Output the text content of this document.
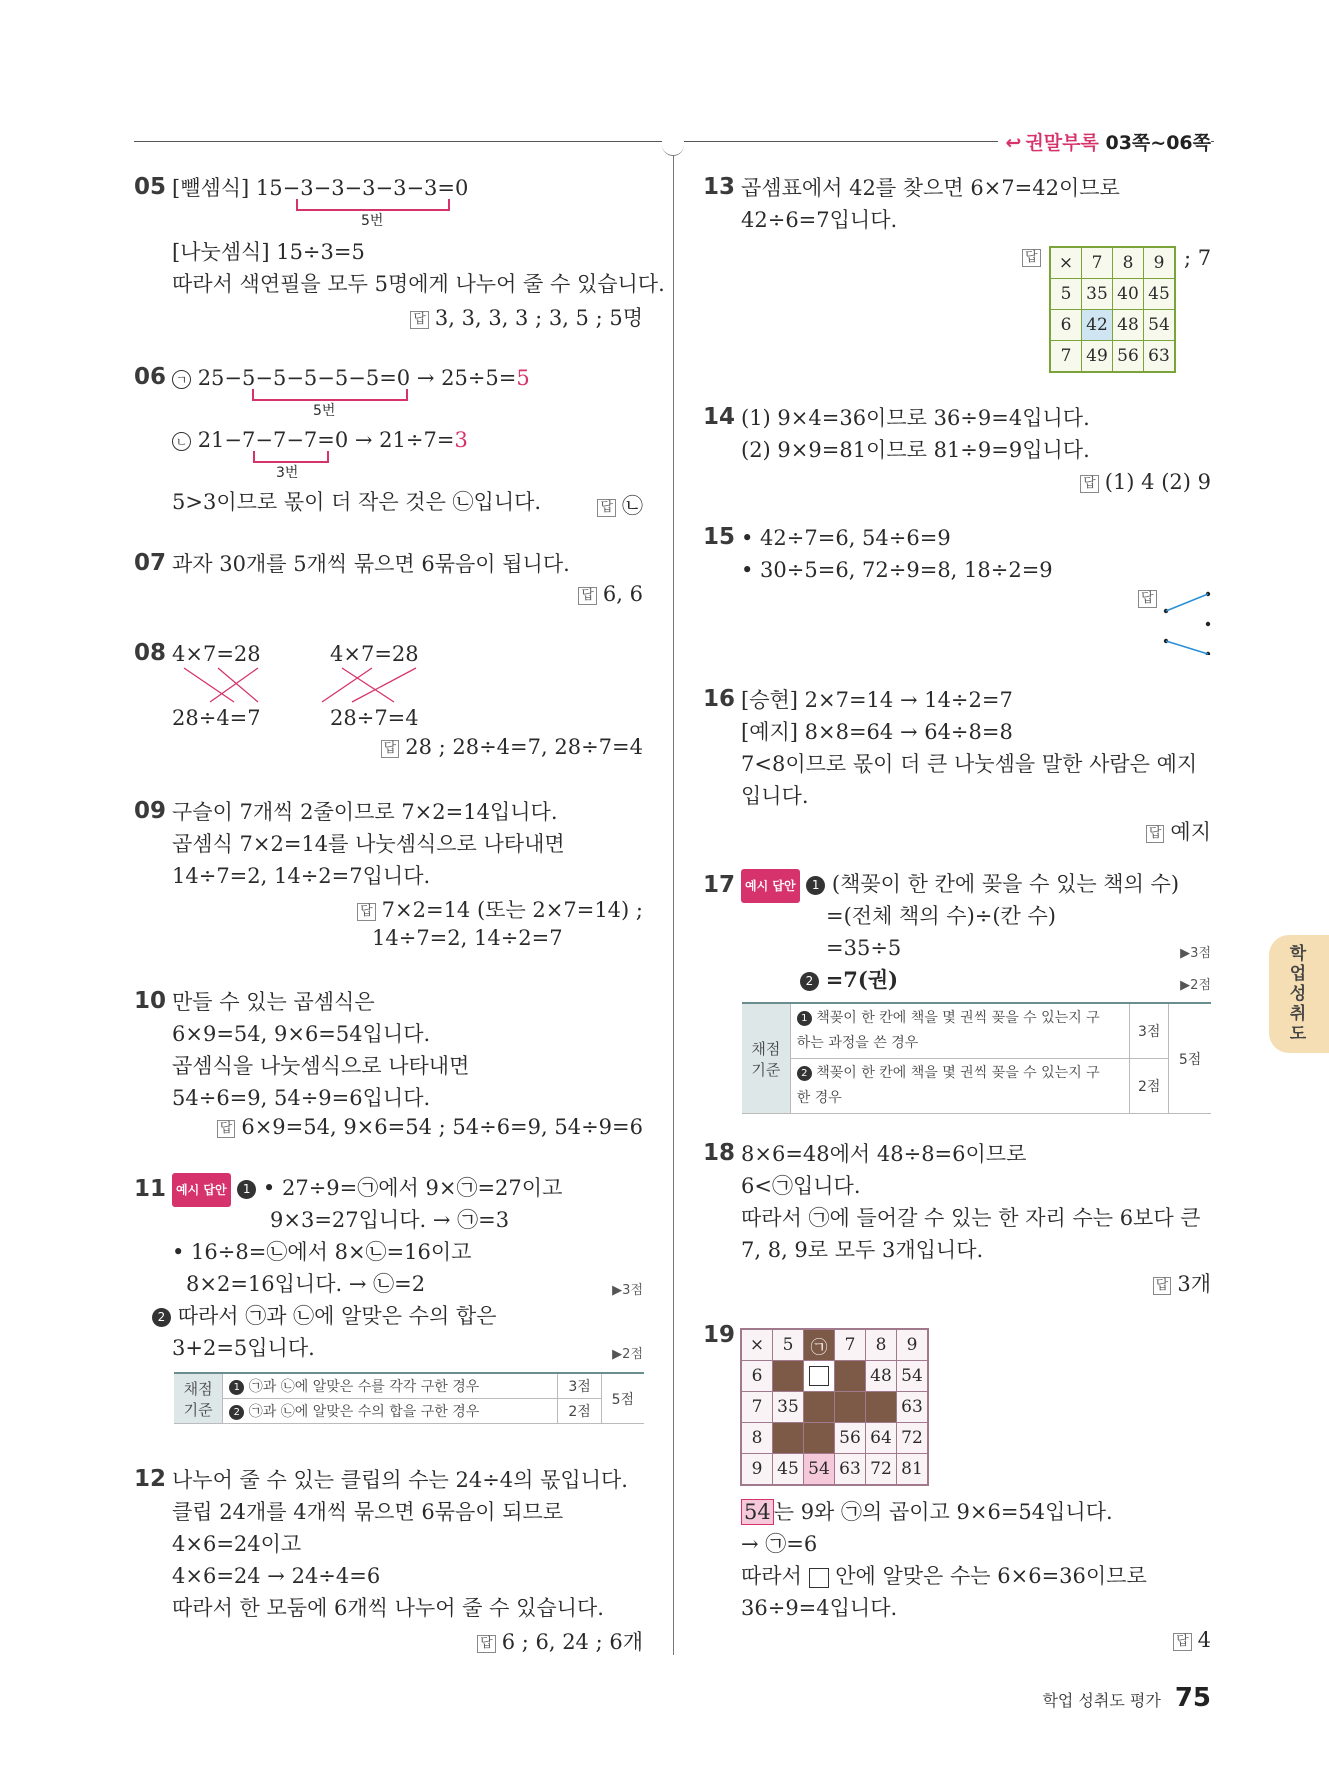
↩ 권말부록 03쪽~06쪽
05 [뺄셈식] 15−3−3−3−3−3=0
5번
[나눗셈식] 15÷3=5
따라서 색연필을 모두 5명에게 나누어 줄 수 있습니다.
답 3, 3, 3, 3 ; 3, 5 ; 5명
06 ㄱ 25−5−5−5−5−5=0 → 25÷5=5
5번
ㄴ 21−7−7−7=0 → 21÷7=3
3번
5>3이므로 몫이 더 작은 것은 ㉡입니다.	답 ㉡
07 과자 30개를 5개씩 묶으면 6묶음이 됩니다.
답 6, 6
08 4×7=28	4×7=28
28÷4=7	28÷7=4
답 28 ; 28÷4=7, 28÷7=4
09 구슬이 7개씩 2줄이므로 7×2=14입니다.
곱셈식 7×2=14를 나눗셈식으로 나타내면
14÷7=2, 14÷2=7입니다.
답 7×2=14 (또는 2×7=14) ;
14÷7=2, 14÷2=7
10 만들 수 있는 곱셈식은
6×9=54, 9×6=54입니다.
곱셈식을 나눗셈식으로 나타내면
54÷6=9, 54÷9=6입니다.
답 6×9=54, 9×6=54 ; 54÷6=9, 54÷9=6
11 예시 답안 1 • 27÷9=㉠에서 9×㉠=27이고
9×3=27입니다. → ㉠=3
• 16÷8=㉡에서 8×㉡=16이고
8×2=16입니다. → ㉡=2	▶3점
2 따라서 ㉠과 ㉡에 알맞은 수의 합은
3+2=5입니다.	▶2점
채점 기준	1 ㉠과 ㉡에 알맞은 수를 각각 구한 경우	3점	5점
	2 ㉠과 ㉡에 알맞은 수의 합을 구한 경우	2점	
12 나누어 줄 수 있는 클립의 수는 24÷4의 몫입니다.
클립 24개를 4개씩 묶으면 6묶음이 되므로
4×6=24이고
4×6=24 → 24÷4=6
따라서 한 모둠에 6개씩 나누어 줄 수 있습니다.
답 6 ; 6, 24 ; 6개
13 곱셈표에서 42를 찾으면 6×7=42이므로
42÷6=7입니다.
답 ×	7	8	9
5	35	40	45
6	42	48	54
7	49	56	63
; 7
14 (1) 9×4=36이므로 36÷9=4입니다.
(2) 9×9=81이므로 81÷9=9입니다.
답 (1) 4 (2) 9
15 • 42÷7=6, 54÷6=9
• 30÷5=6, 72÷9=8, 18÷2=9
답
16 [승현] 2×7=14 → 14÷2=7
[예지] 8×8=64 → 64÷8=8
7<8이므로 몫이 더 큰 나눗셈을 말한 사람은 예지
입니다.
답 예지
17 예시 답안 1 (책꽂이 한 칸에 꽂을 수 있는 책의 수)
=(전체 책의 수)÷(칸 수)
=35÷5	▶3점
2 =7(권)	▶2점
채점 기준	1 책꽂이 한 칸에 책을 몇 권씩 꽂을 수 있는지 구
하는 과정을 쓴 경우	3점	5점
	2 책꽂이 한 칸에 책을 몇 권씩 꽂을 수 있는지 구
한 경우	2점	
18 8×6=48에서 48÷8=6이므로
6<㉠입니다.
따라서 ㉠에 들어갈 수 있는 한 자리 수는 6보다 큰
7, 8, 9로 모두 3개입니다.
답 3개
19 ×	5	㉠	7	8	9
6				48	54
7	35				63
8			56	64	72
9	45	54	63	72	81
54 는 9와 ㉠의 곱이고 9×6=54입니다.
→ ㉠=6
따라서 안에 알맞은 수는 6×6=36이므로
36÷9=4입니다.
답 4
학
업
성
취
도
학업 성취도 평가 75
